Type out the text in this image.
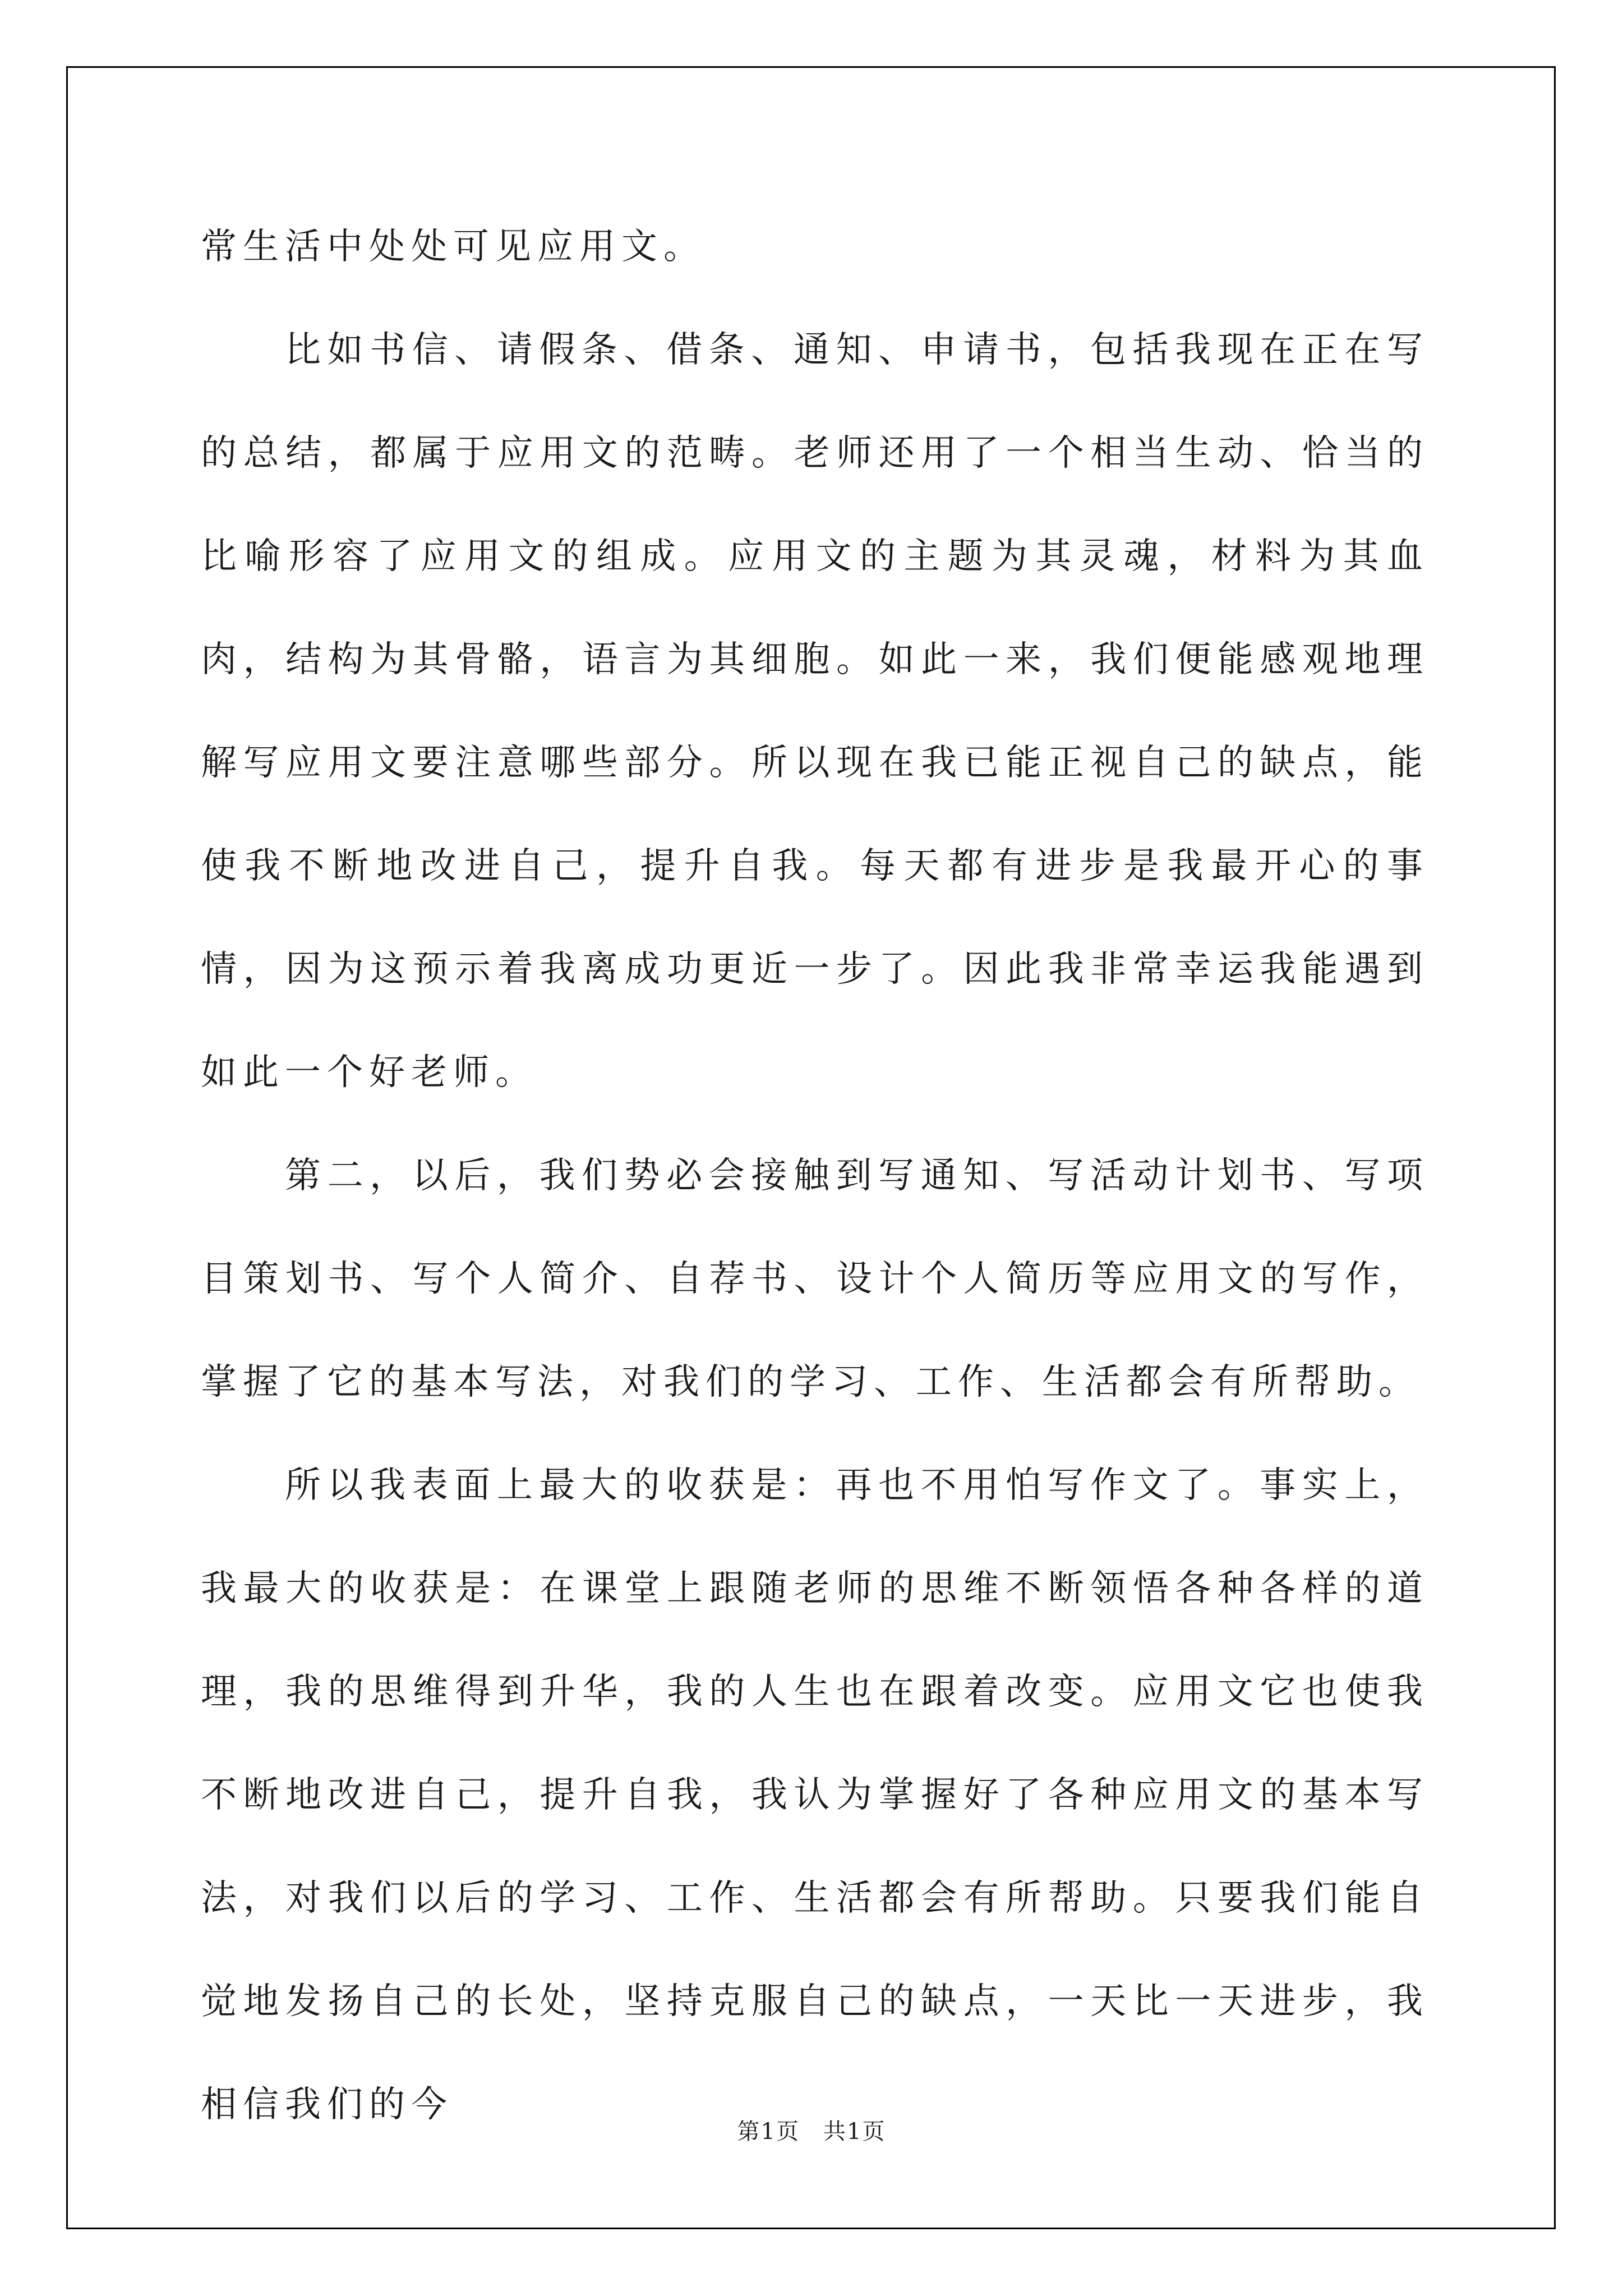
常生活中处处可见应用文。

比如书信、请假条、借条、通知、申请书，包括我现在正在写的总结，都属于应用文的范畴。老师还用了一个相当生动、恰当的比喻形容了应用文的组成。应用文的主题为其灵魂，材料为其血肉，结构为其骨骼，语言为其细胞。如此一来，我们便能感观地理解写应用文要注意哪些部分。所以现在我已能正视自己的缺点，能使我不断地改进自己，提升自我。每天都有进步是我最开心的事情，因为这预示着我离成功更近一步了。因此我非常幸运我能遇到如此一个好老师。

第二，以后，我们势必会接触到写通知、写活动计划书、写项目策划书、写个人简介、自荐书、设计个人简历等应用文的写作，掌握了它的基本写法，对我们的学习、工作、生活都会有所帮助。

所以我表面上最大的收获是：再也不用怕写作文了。事实上，我最大的收获是：在课堂上跟随老师的思维不断领悟各种各样的道理，我的思维得到升华，我的人生也在跟着改变。应用文它也使我不断地改进自己，提升自我，我认为掌握好了各种应用文的基本写法，对我们以后的学习、工作、生活都会有所帮助。只要我们能自觉地发扬自己的长处，坚持克服自己的缺点，一天比一天进步，我相信我们的今

第1页 共1页
